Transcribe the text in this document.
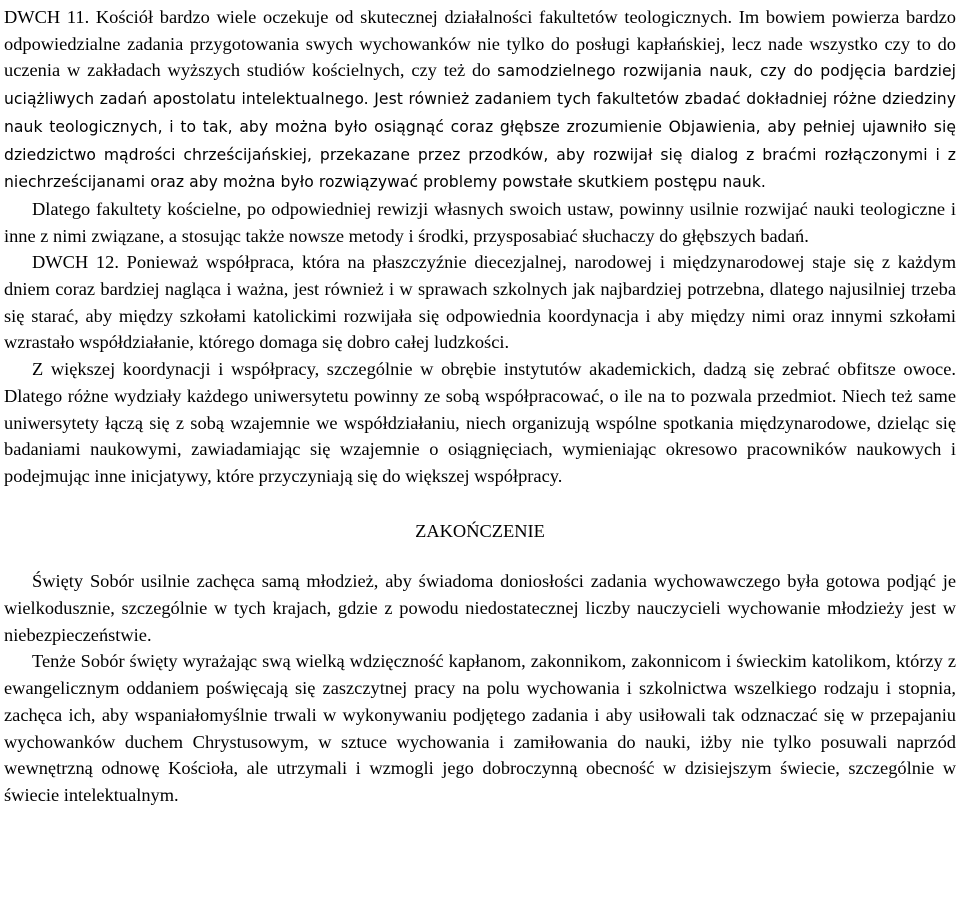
DWCH 11. Kościół bardzo wiele oczekuje od skutecznej działalności fakultetów teologicznych. Im bowiem powierza bardzo odpowiedzialne zadania przygotowania swych wychowanków nie tylko do posługi kapłańskiej, lecz nade wszystko czy to do uczenia w zakładach wyższych studiów kościelnych, czy też do samodzielnego rozwijania nauk, czy do podjęcia bardziej uciążliwych zadań apostolatu intelektualnego. Jest również zadaniem tych fakultetów zbadać dokładniej różne dziedziny nauk teologicznych, i to tak, aby można było osiągnąć coraz głębsze zrozumienie Objawienia, aby pełniej ujawniło się dziedzictwo mądrości chrześcijańskiej, przekazane przez przodków, aby rozwijał się dialog z braćmi rozłączonymi i z niechrześcijanami oraz aby można było rozwiązywać problemy powstałe skutkiem postępu nauk.

Dlatego fakultety kościelne, po odpowiedniej rewizji własnych swoich ustaw, powinny usilnie rozwijać nauki teologiczne i inne z nimi związane, a stosując także nowsze metody i środki, przysposabiać słuchaczy do głębszych badań.

DWCH 12. Ponieważ współpraca, która na płaszczyźnie diecezjalnej, narodowej i międzynarodowej staje się z każdym dniem coraz bardziej nagląca i ważna, jest również i w sprawach szkolnych jak najbardziej potrzebna, dlatego najusilniej trzeba się starać, aby między szkołami katolickimi rozwijała się odpowiednia koordynacja i aby między nimi oraz innymi szkołami wzrastało współdziałanie, którego domaga się dobro całej ludzkości.

Z większej koordynacji i współpracy, szczególnie w obrębie instytutów akademickich, dadzą się zebrać obfitsze owoce. Dlatego różne wydziały każdego uniwersytetu powinny ze sobą współpracować, o ile na to pozwala przedmiot. Niech też same uniwersytety łączą się z sobą wzajemnie we współdziałaniu, niech organizują wspólne spotkania międzynarodowe, dzieląc się badaniami naukowymi, zawiadamiając się wzajemnie o osiągnięciach, wymieniając okresowo pracowników naukowych i podejmując inne inicjatywy, które przyczyniają się do większej współpracy.

ZAKOŃCZENIE

Święty Sobór usilnie zachęca samą młodzież, aby świadoma doniosłości zadania wychowawczego była gotowa podjąć je wielkodusznie, szczególnie w tych krajach, gdzie z powodu niedostatecznej liczby nauczycieli wychowanie młodzieży jest w niebezpieczeństwie.

Tenże Sobór święty wyrażając swą wielką wdzięczność kapłanom, zakonnikom, zakonnicom i świeckim katolikom, którzy z ewangelicznym oddaniem poświęcają się zaszczytnej pracy na polu wychowania i szkolnictwa wszelkiego rodzaju i stopnia, zachęca ich, aby wspaniałomyślnie trwali w wykonywaniu podjętego zadania i aby usiłowali tak odznaczać się w przepajaniu wychowanków duchem Chrystusowym, w sztuce wychowania i zamiłowania do nauki, iżby nie tylko posuwali naprzód wewnętrzną odnowę Kościoła, ale utrzymali i wzmogli jego dobroczynną obecność w dzisiejszym świecie, szczególnie w świecie intelektualnym.
